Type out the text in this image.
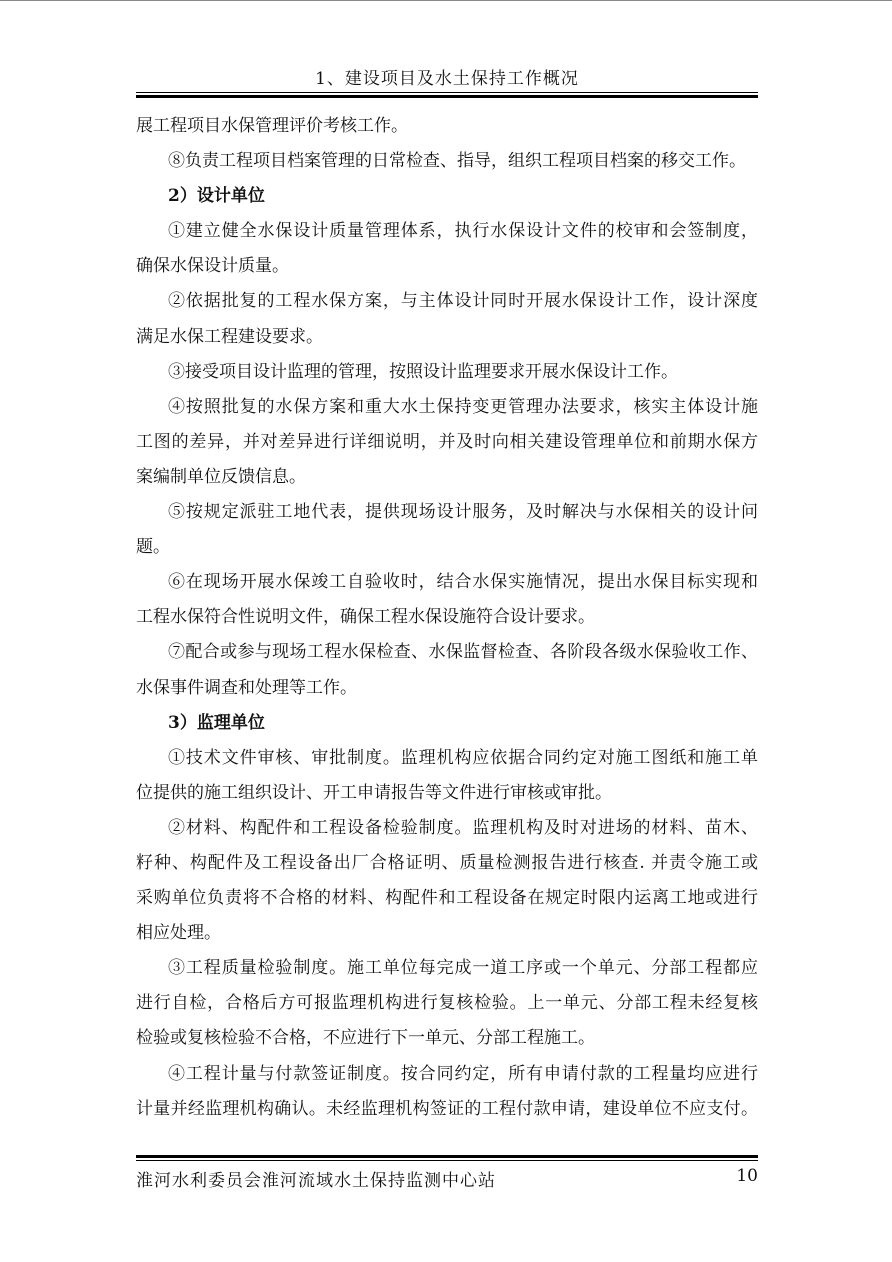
1、建设项目及水土保持工作概况
展工程项目水保管理评价考核工作。
⑧负责工程项目档案管理的日常检查、指导，组织工程项目档案的移交工作。
2）设计单位
①建立健全水保设计质量管理体系，执行水保设计文件的校审和会签制度，
确保水保设计质量。
②依据批复的工程水保方案，与主体设计同时开展水保设计工作，设计深度
满足水保工程建设要求。
③接受项目设计监理的管理，按照设计监理要求开展水保设计工作。
④按照批复的水保方案和重大水土保持变更管理办法要求，核实主体设计施
工图的差异，并对差异进行详细说明，并及时向相关建设管理单位和前期水保方
案编制单位反馈信息。
⑤按规定派驻工地代表，提供现场设计服务，及时解决与水保相关的设计问
题。
⑥在现场开展水保竣工自验收时，结合水保实施情况，提出水保目标实现和
工程水保符合性说明文件，确保工程水保设施符合设计要求。
⑦配合或参与现场工程水保检查、水保监督检查、各阶段各级水保验收工作、
水保事件调查和处理等工作。
3）监理单位
①技术文件审核、审批制度。监理机构应依据合同约定对施工图纸和施工单
位提供的施工组织设计、开工申请报告等文件进行审核或审批。
②材料、构配件和工程设备检验制度。监理机构及时对进场的材料、苗木、
籽种、构配件及工程设备出厂合格证明、质量检测报告进行核查. 并责令施工或
采购单位负责将不合格的材料、构配件和工程设备在规定时限内运离工地或进行
相应处理。
③工程质量检验制度。施工单位每完成一道工序或一个单元、分部工程都应
进行自检，合格后方可报监理机构进行复核检验。上一单元、分部工程未经复核
检验或复核检验不合格，不应进行下一单元、分部工程施工。
④工程计量与付款签证制度。按合同约定，所有申请付款的工程量均应进行
计量并经监理机构确认。未经监理机构签证的工程付款申请，建设单位不应支付。
淮河水利委员会淮河流域水土保持监测中心站	10
